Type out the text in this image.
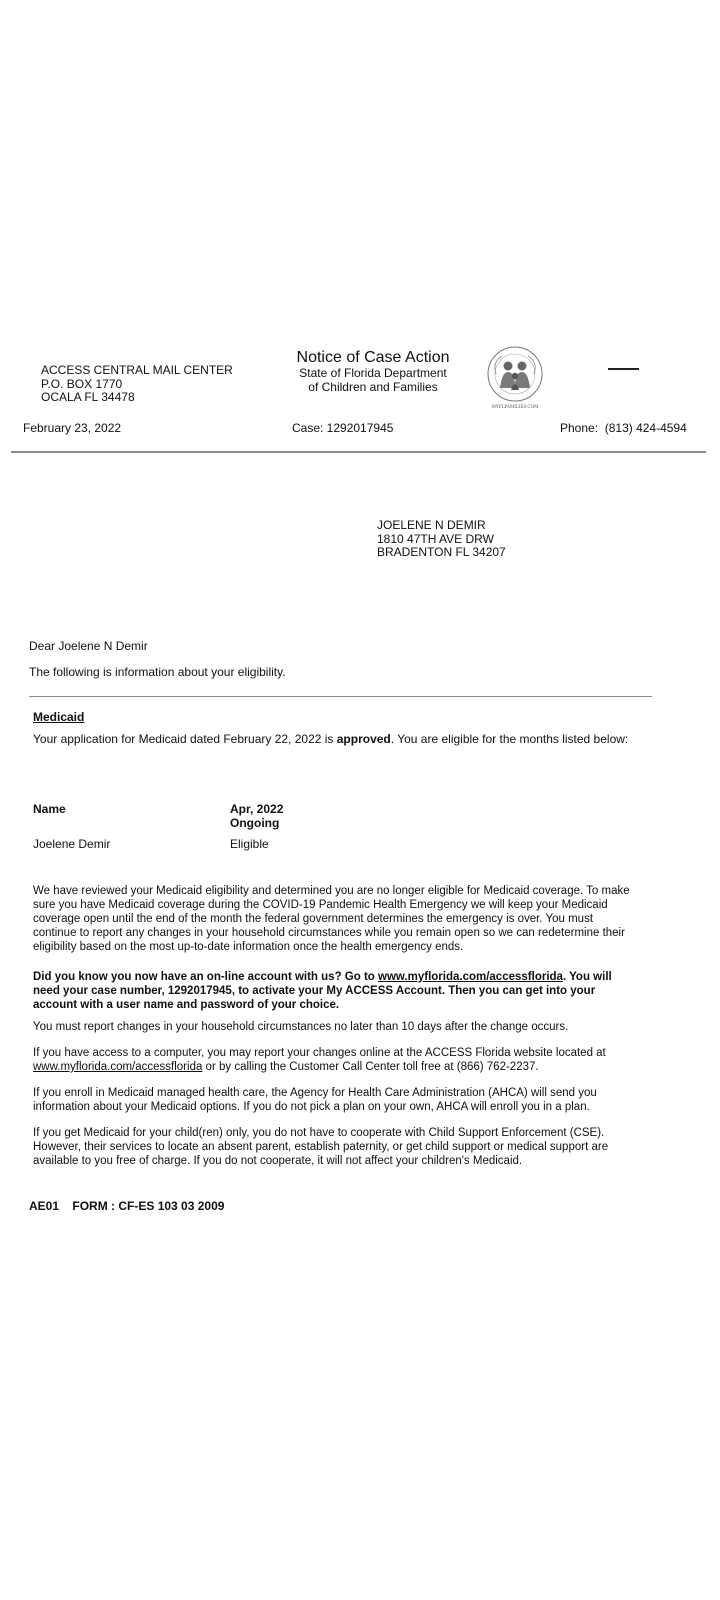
ACCESS CENTRAL MAIL CENTER
P.O. BOX 1770
OCALA FL 34478
Notice of Case Action
State of Florida Department
of Children and Families
MYFLFAMILIES.COM
February 23, 2022	Case: 1292017945	Phone: (813) 424-4594
JOELENE N DEMIR
1810 47TH AVE DRW
BRADENTON FL 34207
Dear Joelene N Demir
The following is information about your eligibility.
Medicaid
Your application for Medicaid dated February 22, 2022 is approved. You are eligible for the months listed below:
Name	Apr, 2022
Ongoing
Joelene Demir	Eligible
We have reviewed your Medicaid eligibility and determined you are no longer eligible for Medicaid coverage. To make
sure you have Medicaid coverage during the COVID-19 Pandemic Health Emergency we will keep your Medicaid
coverage open until the end of the month the federal government determines the emergency is over. You must
continue to report any changes in your household circumstances while you remain open so we can redetermine their
eligibility based on the most up-to-date information once the health emergency ends.
Did you know you now have an on-line account with us? Go to www.myflorida.com/accessflorida. You will
need your case number, 1292017945, to activate your My ACCESS Account. Then you can get into your
account with a user name and password of your choice.
You must report changes in your household circumstances no later than 10 days after the change occurs.
If you have access to a computer, you may report your changes online at the ACCESS Florida website located at
www.myflorida.com/accessflorida or by calling the Customer Call Center toll free at (866) 762-2237.
If you enroll in Medicaid managed health care, the Agency for Health Care Administration (AHCA) will send you
information about your Medicaid options. If you do not pick a plan on your own, AHCA will enroll you in a plan.
If you get Medicaid for your child(ren) only, you do not have to cooperate with Child Support Enforcement (CSE).
However, their services to locate an absent parent, establish paternity, or get child support or medical support are
available to you free of charge. If you do not cooperate, it will not affect your children's Medicaid.
AE01 FORM : CF-ES 103 03 2009
